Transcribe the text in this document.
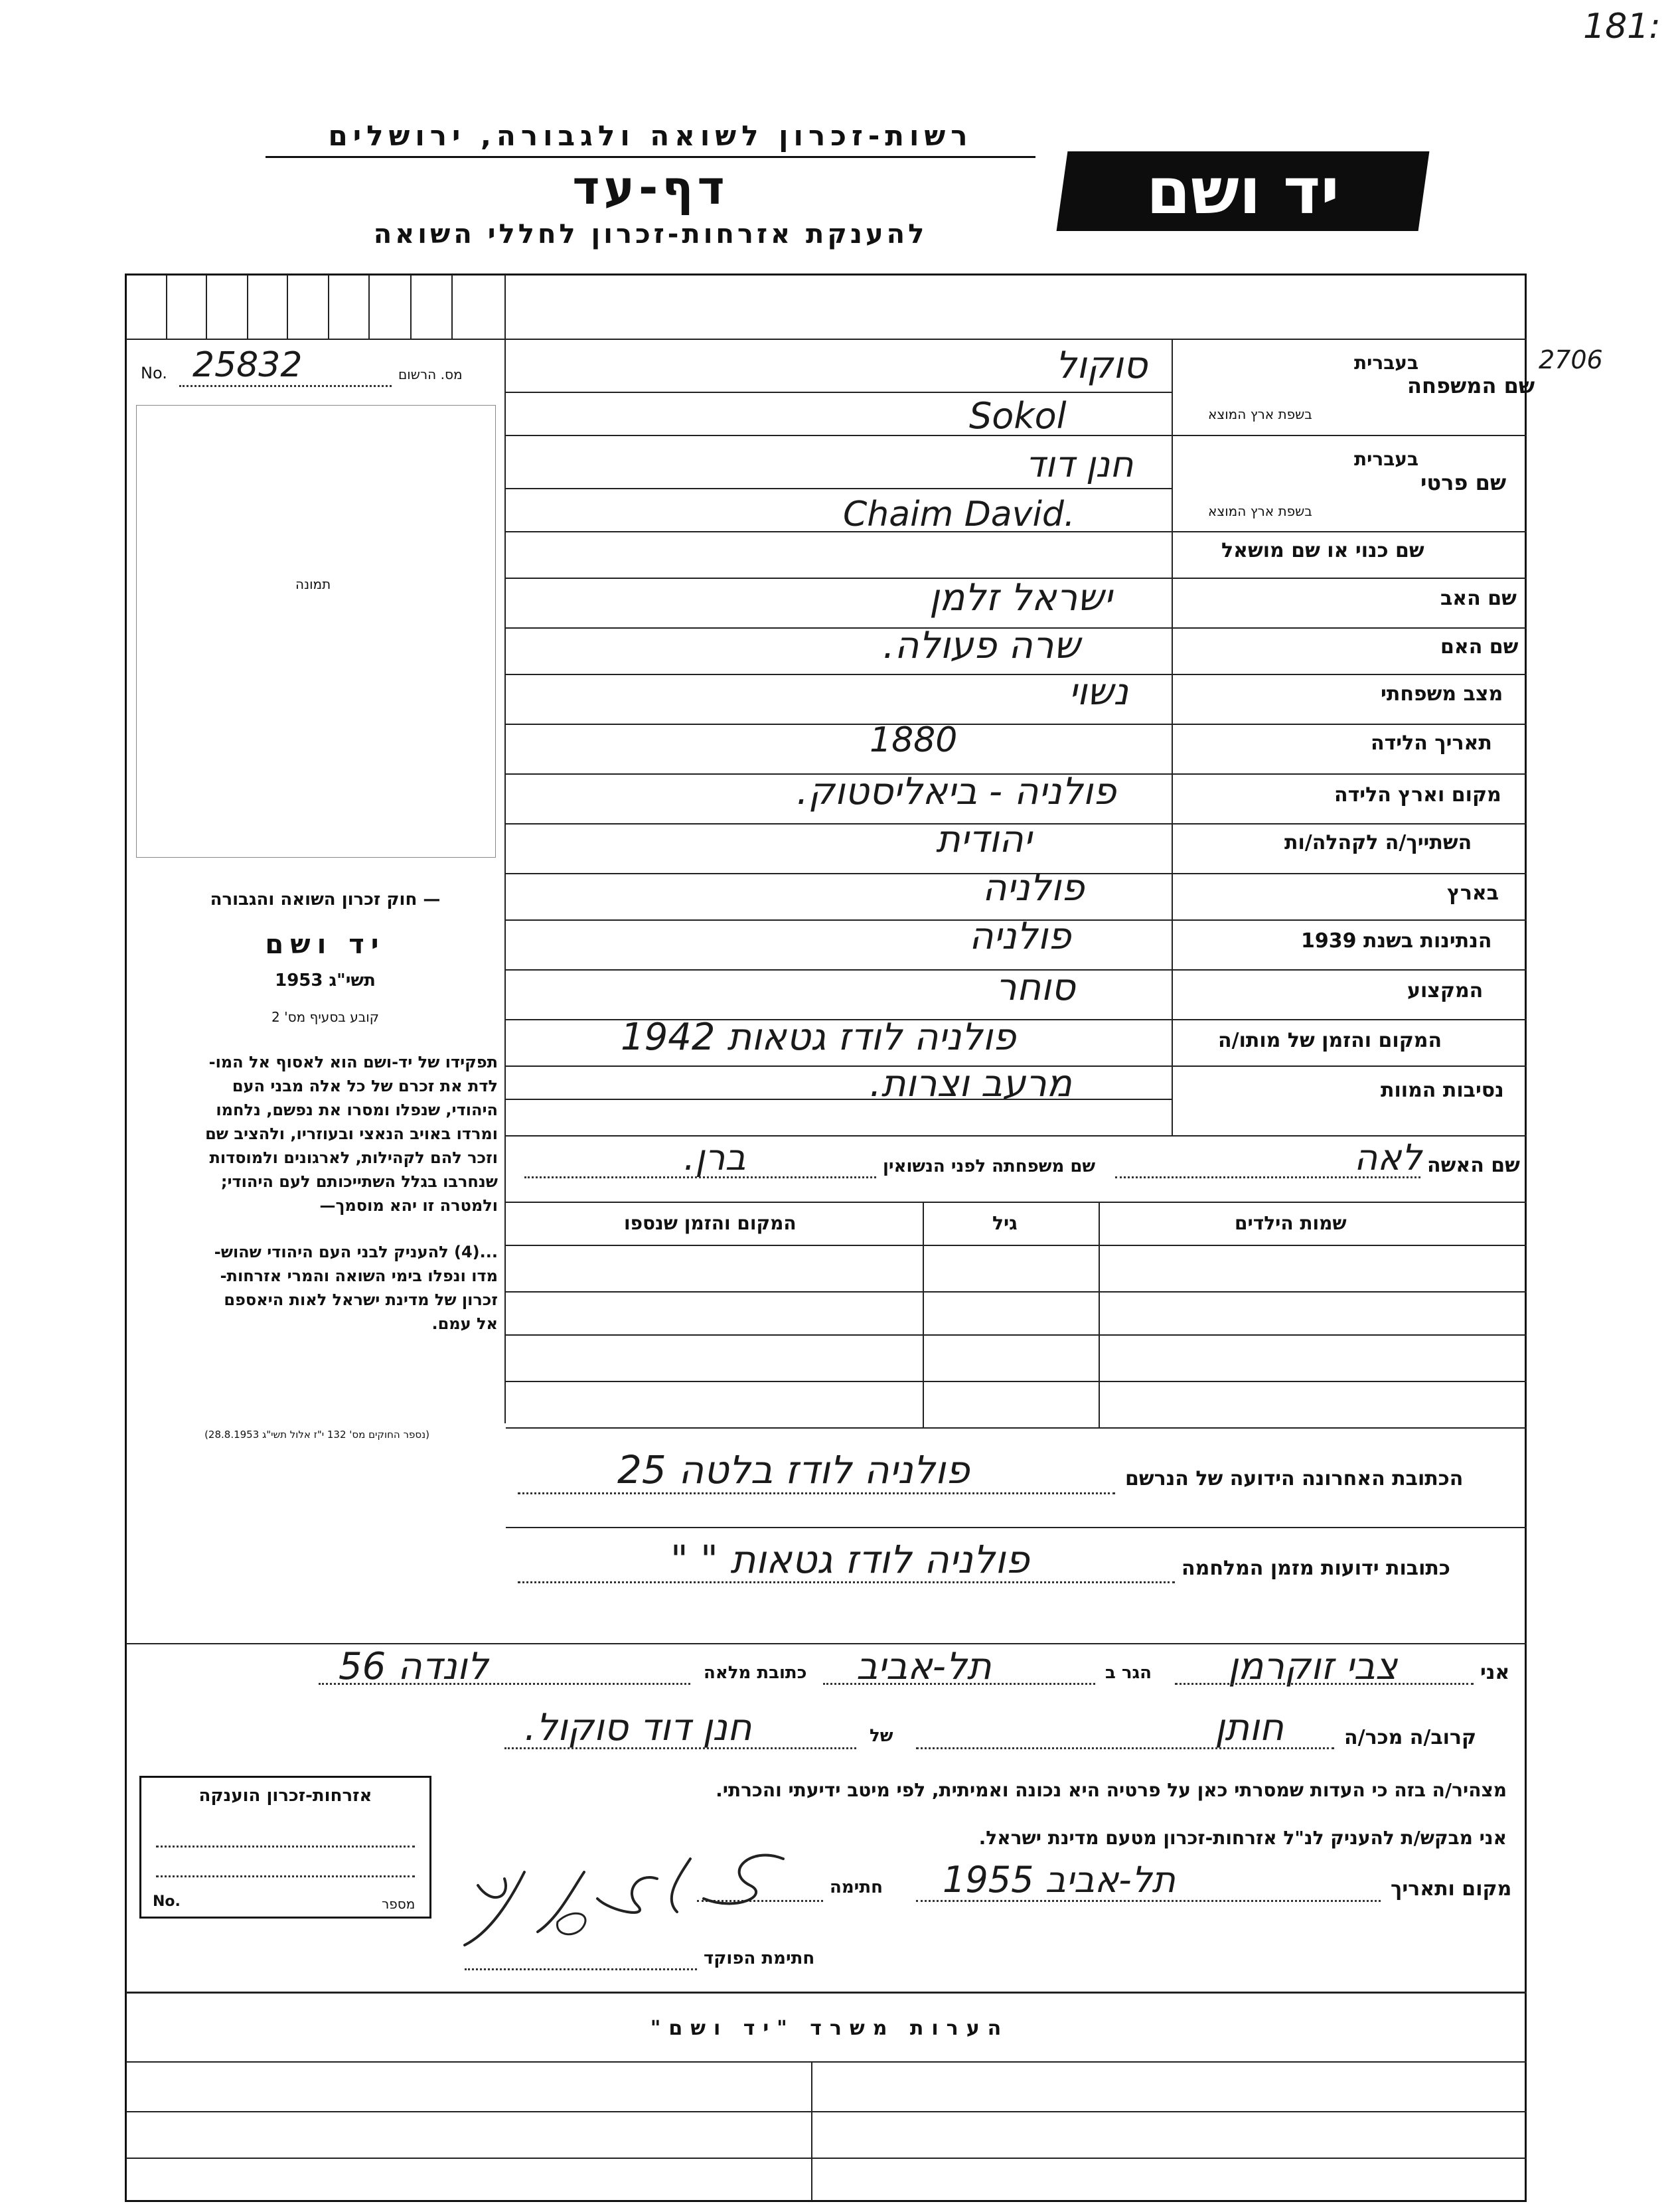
181:
2706
רשות-זכרון לשואה ולגבורה, ירושלים
דף-עד
להענקת אזרחות-זכרון לחללי השואה
יד ושם
No. 25832	מס. הרשום
תמונה
— חוק זכרון השואה והגבורה
יד ושם
תשי"ג 1953
קובע בסעיף מס' 2
תפקידו של יד-ושם הוא לאסוף אל המו-
לדת את זכרם של כל אלה מבני העם
היהודי, שנפלו ומסרו את נפשם, נלחמו
ומרדו באויב הנאצי ובעוזריו, ולהציב שם
וזכר להם לקהילות, לארגונים ולמוסדות
שנחרבו בגלל השתייכותם לעם היהודי;
ולמטרה זו יהא מוסמך—
...(4) להעניק לבני העם היהודי שהוש-
מדו ונפלו בימי השואה והמרי אזרחות-
זכרון של מדינת ישראל לאות היאספם
אל עמם.
(נספר החוקים מס' 132 י"ז אלול תשי"ג 28.8.1953)
בעברית
שם המשפחה
בשפת ארץ המוצא
סוקול
Sokol
בעברית
שם פרטי
בשפת ארץ המוצא
חנן דוד
Chaim David.
שם כנוי או שם מושאל
שם האב
ישראל זלמן
שם האם
שרה פעולה.
מצב משפחתי
נשוי
תאריך הלידה
1880
מקום וארץ הלידה
פולניה - ביאליסטוק.
השתייך/ה לקהלה/ות
יהודית
בארץ
פולניה
הנתינות בשנת 1939
פולניה
המקצוע
סוחר
המקום והזמן של מותו/ה
פולניה לודז גטאות 1942
נסיבות המוות
מרעב וצרות.
שם האשה
לאה
שם משפחתה לפני הנשואין
ברן.
שמות הילדים
גיל
המקום והזמן שנספו
הכתובת האחרונה הידועה של הנרשם
פולניה לודז בלטה 25
כתובות ידועות מזמן המלחמה
פולניה לודז גטאות " "
אני
צבי זוקרמן
הגר ב
תל-אביב
כתובת מלאה
לונדה 56
קרוב/ה מכר/ה
חותן
של
חנן דוד סוקול.
מצהיר/ה בזה כי העדות שמסרתי כאן על פרטיה היא נכונה ואמיתית, לפי מיטב ידיעתי והכרתי.
אני מבקש/ת להעניק לנ"ל אזרחות-זכרון מטעם מדינת ישראל.
מקום ותאריך
תל-אביב 1955
חתימה
חתימת הפוקד
אזרחות-זכרון הוענקה
No.	מספר
הערות משרד "יד ושם"
